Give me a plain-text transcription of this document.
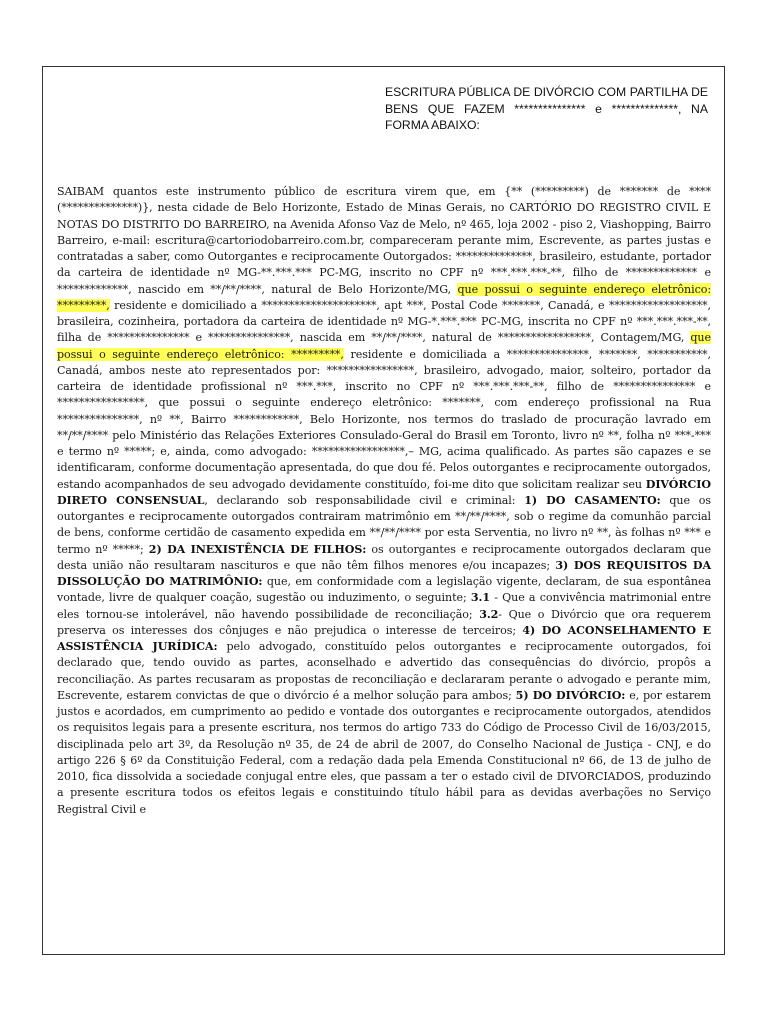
ESCRITURA PÚBLICA DE DIVÓRCIO COM PARTILHA DE BENS QUE FAZEM *************** e **************, NA FORMA ABAIXO:
SAIBAM quantos este instrumento público de escritura virem que, em {** (*********) de ******* de **** (**************)}, nesta cidade de Belo Horizonte, Estado de Minas Gerais, no CARTÓRIO DO REGISTRO CIVIL E NOTAS DO DISTRITO DO BARREIRO, na Avenida Afonso Vaz de Melo, nº 465, loja 2002 - piso 2, Viashopping, Bairro Barreiro, e-mail: escritura@cartoriodobarreiro.com.br, compareceram perante mim, Escrevente, as partes justas e contratadas a saber, como Outorgantes e reciprocamente Outorgados: **************, brasileiro, estudante, portador da carteira de identidade nº MG-**.***.*** PC-MG, inscrito no CPF nº ***.***.***-**, filho de ************* e *************, nascido em **/**/****, natural de Belo Horizonte/MG, que possui o seguinte endereço eletrônico: *********, residente e domiciliado a *********************, apt ***, Postal Code *******, Canadá, e ******************, brasileira, cozinheira, portadora da carteira de identidade nº MG-*.***.*** PC-MG, inscrita no CPF nº ***.***.***-**, filha de *************** e ***************, nascida em **/**/****, natural de *****************, Contagem/MG, que possui o seguinte endereço eletrônico: *********, residente e domiciliada a ***************, *******, ***********, Canadá, ambos neste ato representados por: ****************, brasileiro, advogado, maior, solteiro, portador da carteira de identidade profissional nº ***.***, inscrito no CPF nº ***.***.***-**, filho de *************** e ****************, que possui o seguinte endereço eletrônico: *******, com endereço profissional na Rua ***************, nº **, Bairro ************, Belo Horizonte, nos termos do traslado de procuração lavrado em **/**/**** pelo Ministério das Relações Exteriores Consulado-Geral do Brasil em Toronto, livro nº **, folha nº ***-*** e termo nº *****; e, ainda, como advogado: *****************,– MG, acima qualificado. As partes são capazes e se identificaram, conforme documentação apresentada, do que dou fé. Pelos outorgantes e reciprocamente outorgados, estando acompanhados de seu advogado devidamente constituído, foi-me dito que solicitam realizar seu DIVÓRCIO DIRETO CONSENSUAL, declarando sob responsabilidade civil e criminal: 1) DO CASAMENTO: que os outorgantes e reciprocamente outorgados contrairam matrimônio em **/**/****, sob o regime da comunhão parcial de bens, conforme certidão de casamento expedida em **/**/**** por esta Serventia, no livro nº **, às folhas nº *** e termo nº *****; 2) DA INEXISTÊNCIA DE FILHOS: os outorgantes e reciprocamente outorgados declaram que desta união não resultaram nascituros e que não têm filhos menores e/ou incapazes; 3) DOS REQUISITOS DA DISSOLUÇÃO DO MATRIMÔNIO: que, em conformidade com a legislação vigente, declaram, de sua espontânea vontade, livre de qualquer coação, sugestão ou induzimento, o seguinte; 3.1 - Que a convivência matrimonial entre eles tornou-se intolerável, não havendo possibilidade de reconciliação; 3.2- Que o Divórcio que ora requerem preserva os interesses dos cônjuges e não prejudica o interesse de terceiros; 4) DO ACONSELHAMENTO E ASSISTÊNCIA JURÍDICA: pelo advogado, constituído pelos outorgantes e reciprocamente outorgados, foi declarado que, tendo ouvido as partes, aconselhado e advertido das consequências do divórcio, propôs a reconciliação. As partes recusaram as propostas de reconciliação e declararam perante o advogado e perante mim, Escrevente, estarem convictas de que o divórcio é a melhor solução para ambos; 5) DO DIVÓRCIO: e, por estarem justos e acordados, em cumprimento ao pedido e vontade dos outorgantes e reciprocamente outorgados, atendidos os requisitos legais para a presente escritura, nos termos do artigo 733 do Código de Processo Civil de 16/03/2015, disciplinada pelo art 3º, da Resolução nº 35, de 24 de abril de 2007, do Conselho Nacional de Justiça - CNJ, e do artigo 226 § 6º da Constituição Federal, com a redação dada pela Emenda Constitucional nº 66, de 13 de julho de 2010, fica dissolvida a sociedade conjugal entre eles, que passam a ter o estado civil de DIVORCIADOS, produzindo a presente escritura todos os efeitos legais e constituindo título hábil para as devidas averbações no Serviço Registral Civil e
